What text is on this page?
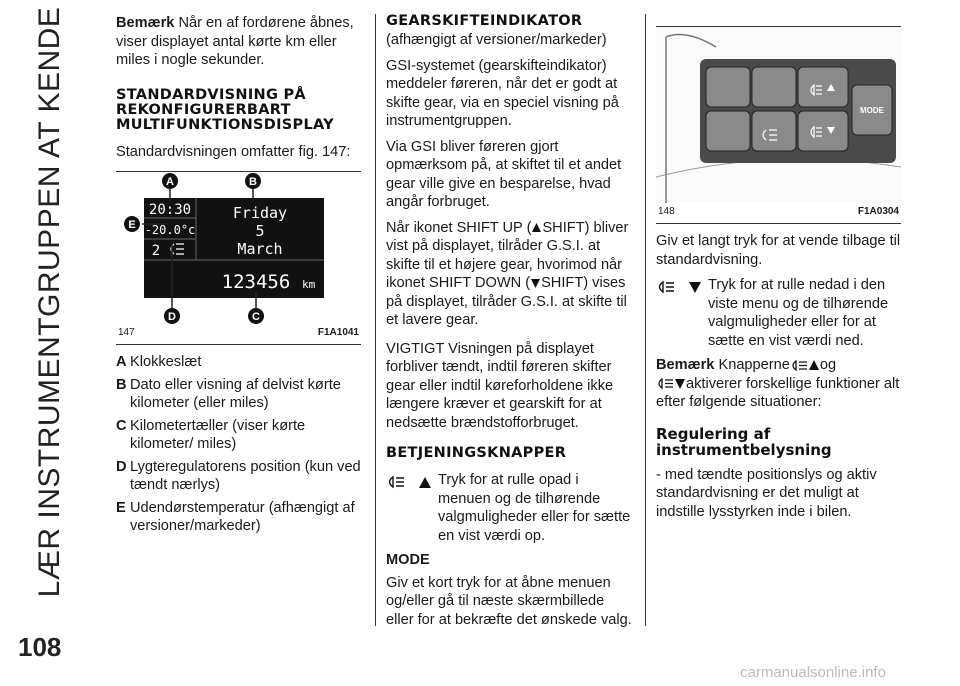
LÆR INSTRUMENTGRUPPEN AT KENDE
108
carmanualsonline.info

Bemærk Når en af fordørene åbnes, viser displayet antal kørte km eller miles i nogle sekunder.

STANDARDVISNING PÅ REKONFIGURERBART MULTIFUNKTIONSDISPLAY

Standardvisningen omfatter fig. 147:

20:30
-20.0°c
2
Friday
5
March
123456 km
A	B
C
D
E
147	F1A1041
A Klokkeslæt
B Dato eller visning af delvist kørte kilometer (eller miles)
C Kilometertæller (viser kørte kilometer/ miles)
D Lygteregulatorens position (kun ved tændt nærlys)
E Udendørstemperatur (afhængigt af versioner/markeder)
GEARSKIFTEINDIKATOR

(afhængigt af versioner/markeder)

GSI-systemet (gearskifteindikator) meddeler føreren, når det er godt at skifte gear, via en speciel visning på instrumentgruppen.

Via GSI bliver føreren gjort opmærksom på, at skiftet til et andet gear ville give en besparelse, hvad angår forbruget.

Når ikonet SHIFT UP ( SHIFT) bliver vist på displayet, tilråder G.S.I. at skifte til et højere gear, hvorimod når ikonet SHIFT DOWN ( SHIFT) vises på displayet, tilråder G.S.I. at skifte til et lavere gear.

VIGTIGT Visningen på displayet forbliver tændt, indtil føreren skifter gear eller indtil køreforholdene ikke længere kræver et gearskift for at nedsætte brændstofforbruget.

BETJENINGSKNAPPER

Tryk for at rulle opad i menuen og de tilhørende valgmuligheder eller for sætte en vist værdi op.

MODE

Giv et kort tryk for at åbne menuen og/eller gå til næste skærmbillede eller for at bekræfte det ønskede valg.

MODE
148	F1A0304

Giv et langt tryk for at vende tilbage til standardvisning.

Tryk for at rulle nedad i den viste menu og de tilhørende valgmuligheder eller for at sætte en vist værdi ned.

Bemærk Knapperne og
aktiverer forskellige funktioner alt efter følgende situationer:

Regulering af instrumentbelysning

- med tændte positionslys og aktiv standardvisning er det muligt at indstille lysstyrken inde i bilen.
